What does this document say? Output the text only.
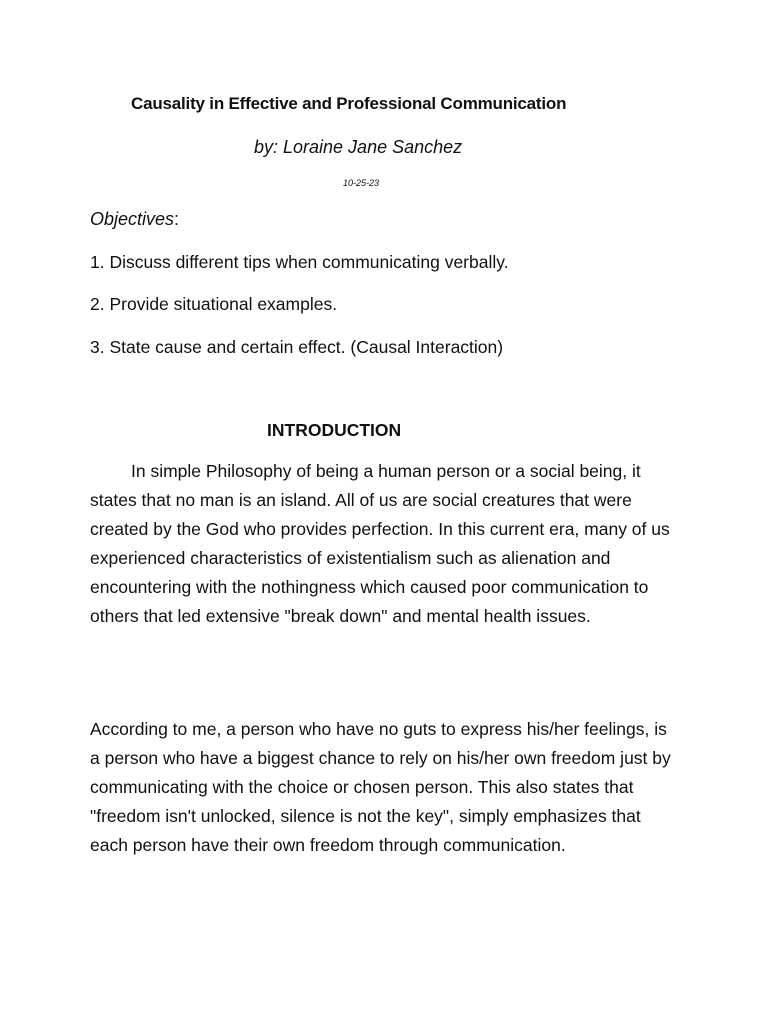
Causality in Effective and Professional Communication
by: Loraine Jane Sanchez
10-25-23
Objectives:
1. Discuss different tips when communicating verbally.
2. Provide situational examples.
3. State cause and certain effect. (Causal Interaction)
INTRODUCTION

In simple Philosophy of being a human person or a social being, it states that no man is an island. All of us are social creatures that were created by the God who provides perfection. In this current era, many of us experienced characteristics of existentialism such as alienation and encountering with the nothingness which caused poor communication to others that led extensive "break down" and mental health issues.

According to me, a person who have no guts to express his/her feelings, is a person who have a biggest chance to rely on his/her own freedom just by communicating with the choice or chosen person. This also states that "freedom isn't unlocked, silence is not the key", simply emphasizes that each person have their own freedom through communication.
